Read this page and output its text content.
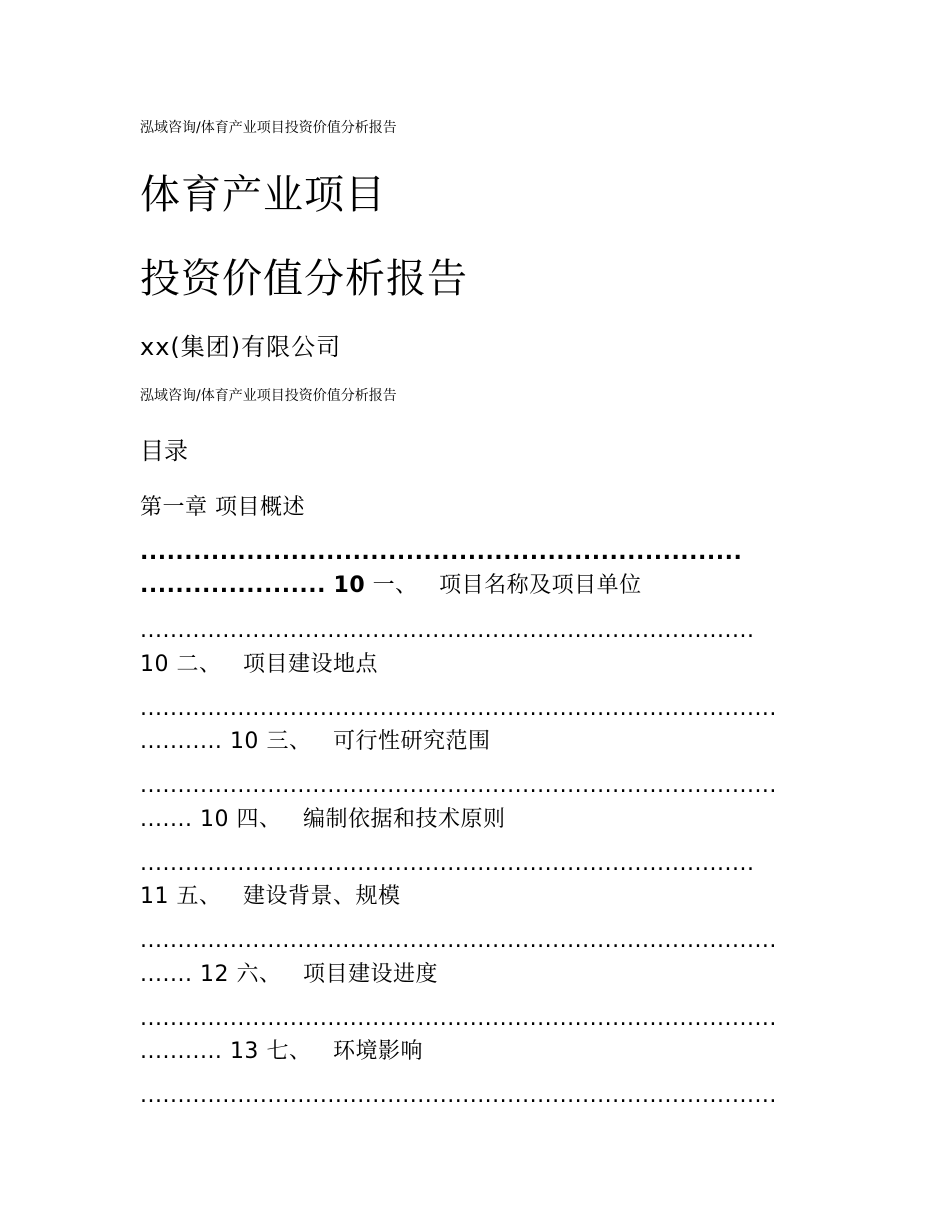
泓域咨询/体育产业项目投资价值分析报告
体育产业项目
投资价值分析报告
xx(集团)有限公司
泓域咨询/体育产业项目投资价值分析报告
目录
第一章 项目概述
....................................................................
..................... 10 一、 项目名称及项目单位
..................................................................................
10 二、 项目建设地点
.....................................................................................
........... 10 三、 可行性研究范围
.....................................................................................
....... 10 四、 编制依据和技术原则
..................................................................................
11 五、 建设背景、规模
.....................................................................................
....... 12 六、 项目建设进度
.....................................................................................
........... 13 七、 环境影响
.....................................................................................
